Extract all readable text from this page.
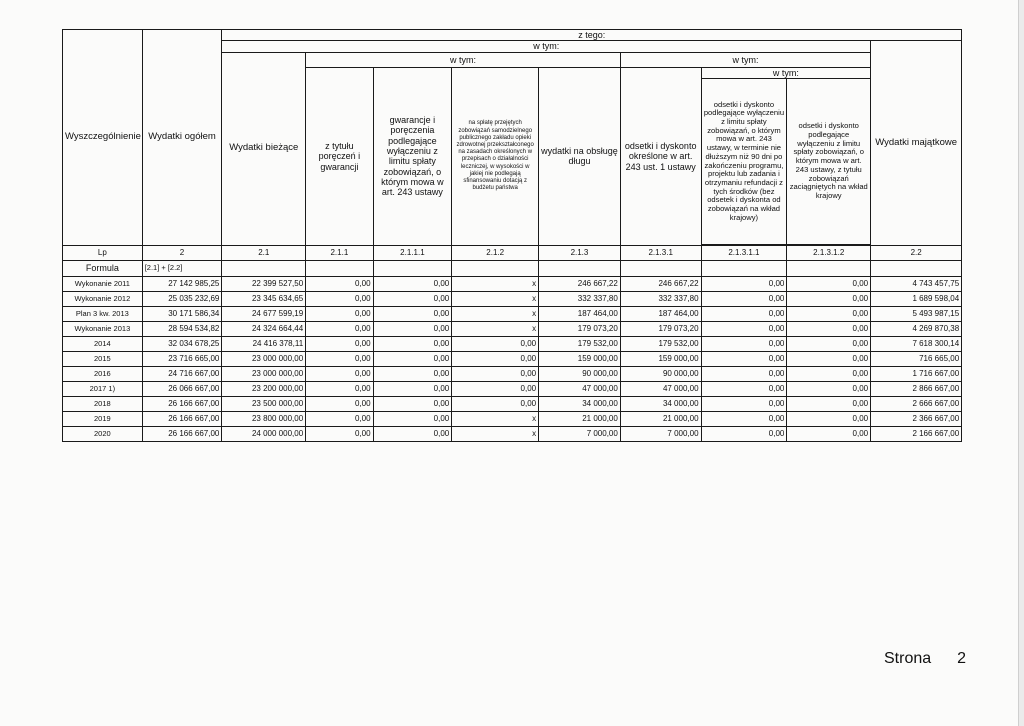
Wyszczególnienie	Wydatki ogółem	z tego:									
		w tym:								Wydatki majątkowe	
		Wydatki bieżące	w tym:				w tym:				
			z tytułu poręczeń i gwarancji	gwarancje i poręczenia podlegające wyłączeniu z limitu spłaty zobowiązań, o którym mowa w art. 243 ustawy	na spłatę przejętych zobowiązań samodzielnego publicznego zakładu opieki zdrowotnej przekształconego na zasadach określonych w przepisach o działalności leczniczej, w wysokości w jakiej nie podlegają sfinansowaniu dotacją z budżetu państwa	wydatki na obsługę długu	odsetki i dyskonto określone w art. 243 ust. 1 ustawy	w tym:			
								odsetki i dyskonto podlegające wyłączeniu z limitu spłaty zobowiązań, o którym mowa w art. 243 ustawy, w terminie nie dłuższym niż 90 dni po zakończeniu programu, projektu lub zadania i otrzymaniu refundacji z tych środków (bez odsetek i dyskonta od zobowiązań na wkład krajowy)	odsetki i dyskonto podlegające wyłączeniu z limitu spłaty zobowiązań, o którym mowa w art. 243 ustawy, z tytułu zobowiązań zaciągniętych na wkład krajowy		

Lp	2	2.1	2.1.1	2.1.1.1	2.1.2	2.1.3	2.1.3.1	2.1.3.1.1	2.1.3.1.2	2.2	
Formula	[2.1] + [2.2]										
Wykonanie 2011	27 142 985,25	22 399 527,50	0,00	0,00	x	246 667,22	246 667,22	0,00	0,00	4 743 457,75	
Wykonanie 2012	25 035 232,69	23 345 634,65	0,00	0,00	x	332 337,80	332 337,80	0,00	0,00	1 689 598,04	
Plan 3 kw. 2013	30 171 586,34	24 677 599,19	0,00	0,00	x	187 464,00	187 464,00	0,00	0,00	5 493 987,15	
Wykonanie 2013	28 594 534,82	24 324 664,44	0,00	0,00	x	179 073,20	179 073,20	0,00	0,00	4 269 870,38	
2014	32 034 678,25	24 416 378,11	0,00	0,00	0,00	179 532,00	179 532,00	0,00	0,00	7 618 300,14	
2015	23 716 665,00	23 000 000,00	0,00	0,00	0,00	159 000,00	159 000,00	0,00	0,00	716 665,00	
2016	24 716 667,00	23 000 000,00	0,00	0,00	0,00	90 000,00	90 000,00	0,00	0,00	1 716 667,00	
2017 1)	26 066 667,00	23 200 000,00	0,00	0,00	0,00	47 000,00	47 000,00	0,00	0,00	2 866 667,00	
2018	26 166 667,00	23 500 000,00	0,00	0,00	0,00	34 000,00	34 000,00	0,00	0,00	2 666 667,00	
2019	26 166 667,00	23 800 000,00	0,00	0,00	x	21 000,00	21 000,00	0,00	0,00	2 366 667,00	
2020	26 166 667,00	24 000 000,00	0,00	0,00	x	7 000,00	7 000,00	0,00	0,00	2 166 667,00	
Strona 2
